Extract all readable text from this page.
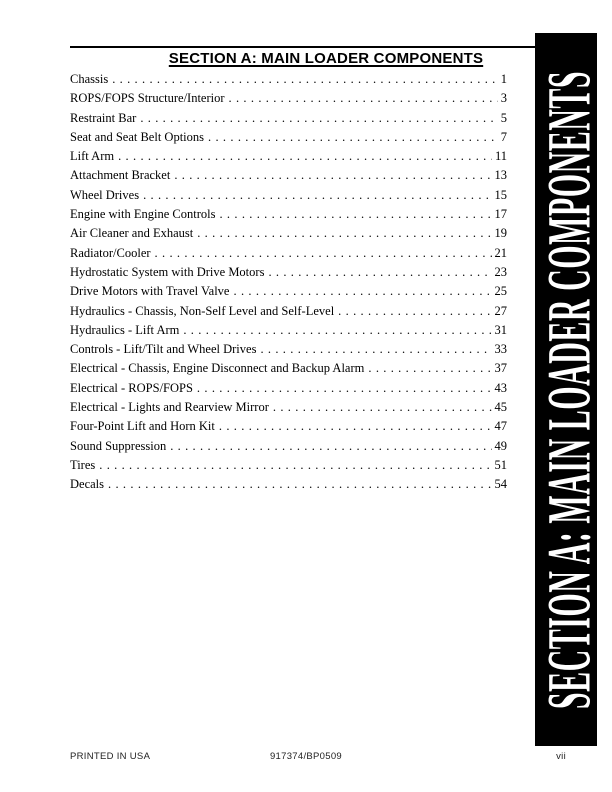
SECTION A: MAIN LOADER COMPONENTS
Chassis . . .	1
ROPS/FOPS Structure/Interior . . .	3
Restraint Bar . . .	5
Seat and Seat Belt Options . . .	7
Lift Arm . . .	11
Attachment Bracket . . .	13
Wheel Drives . . .	15
Engine with Engine Controls . . .	17
Air Cleaner and Exhaust . . .	19
Radiator/Cooler . . .	21
Hydrostatic System with Drive Motors . . .	23
Drive Motors with Travel Valve . . .	25
Hydraulics - Chassis, Non-Self Level and Self-Level . . .	27
Hydraulics - Lift Arm . . .	31
Controls - Lift/Tilt and Wheel Drives . . .	33
Electrical - Chassis, Engine Disconnect and Backup Alarm . . .	37
Electrical - ROPS/FOPS . . .	43
Electrical - Lights and Rearview Mirror . . .	45
Four-Point Lift and Horn Kit . . .	47
Sound Suppression . . .	49
Tires . . .	51
Decals . . .	54 SECTION A: MAIN LOADER COMPONENTS
PRINTED IN USA	917374/BP0509	vii
